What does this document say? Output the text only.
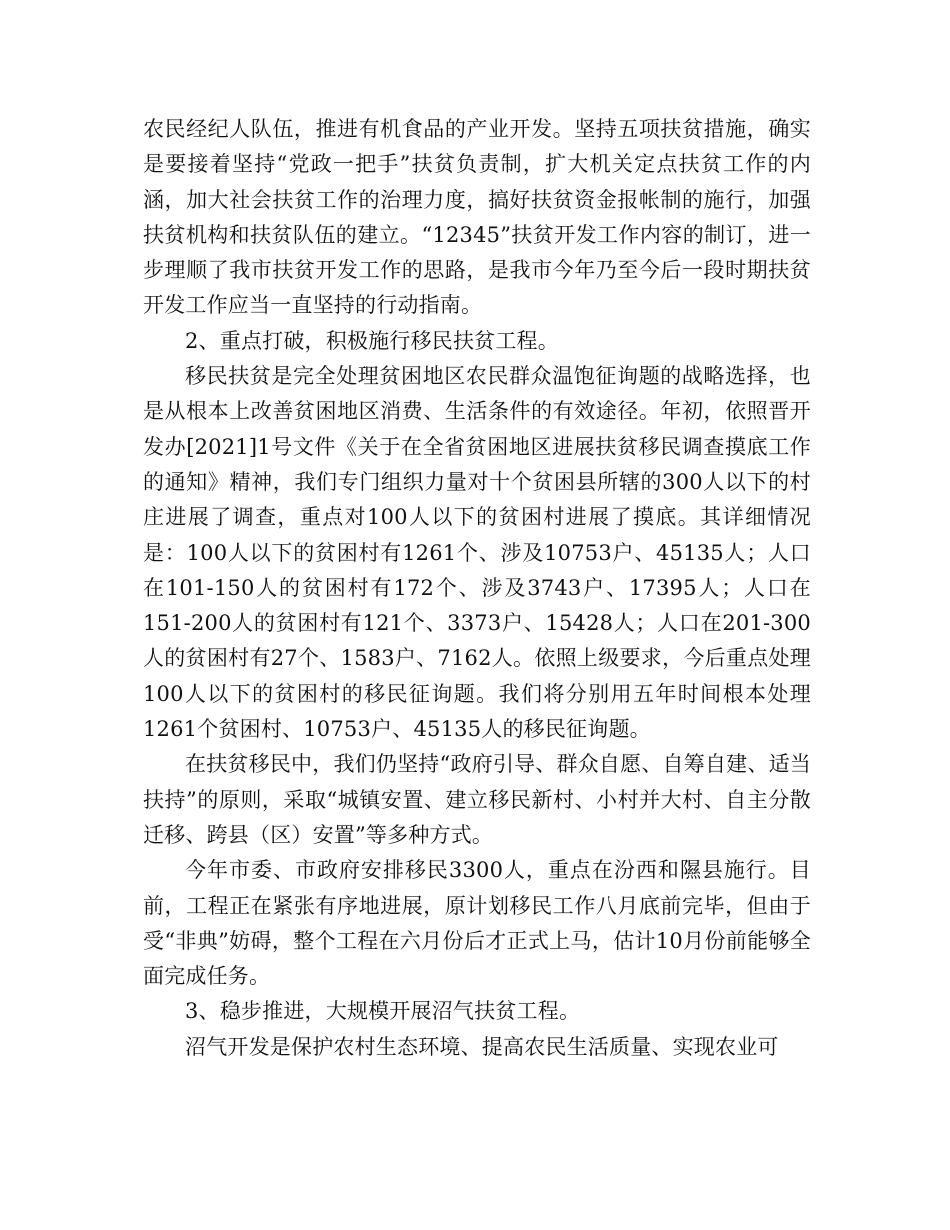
农民经纪人队伍，推进有机食品的产业开发。坚持五项扶贫措施，确实是要接着坚持“党政一把手”扶贫负责制，扩大机关定点扶贫工作的内涵，加大社会扶贫工作的治理力度，搞好扶贫资金报帐制的施行，加强扶贫机构和扶贫队伍的建立。“12345”扶贫开发工作内容的制订，进一步理顺了我市扶贫开发工作的思路，是我市今年乃至今后一段时期扶贫开发工作应当一直坚持的行动指南。

2、重点打破，积极施行移民扶贫工程。

移民扶贫是完全处理贫困地区农民群众温饱征询题的战略选择，也是从根本上改善贫困地区消费、生活条件的有效途径。年初，依照晋开发办[2021]1号文件《关于在全省贫困地区进展扶贫移民调查摸底工作的通知》精神，我们专门组织力量对十个贫困县所辖的300人以下的村庄进展了调查，重点对100人以下的贫困村进展了摸底。其详细情况是：100人以下的贫困村有1261个、涉及10753户、45135人；人口在101-150人的贫困村有172个、涉及3743户、17395人；人口在151-200人的贫困村有121个、3373户、15428人；人口在201-300人的贫困村有27个、1583户、7162人。依照上级要求，今后重点处理100人以下的贫困村的移民征询题。我们将分别用五年时间根本处理1261个贫困村、10753户、45135人的移民征询题。

在扶贫移民中，我们仍坚持“政府引导、群众自愿、自筹自建、适当扶持”的原则，采取“城镇安置、建立移民新村、小村并大村、自主分散迁移、跨县（区）安置”等多种方式。

今年市委、市政府安排移民3300人，重点在汾西和隰县施行。目前，工程正在紧张有序地进展，原计划移民工作八月底前完毕，但由于受“非典”妨碍，整个工程在六月份后才正式上马，估计10月份前能够全面完成任务。

3、稳步推进，大规模开展沼气扶贫工程。

沼气开发是保护农村生态环境、提高农民生活质量、实现农业可
